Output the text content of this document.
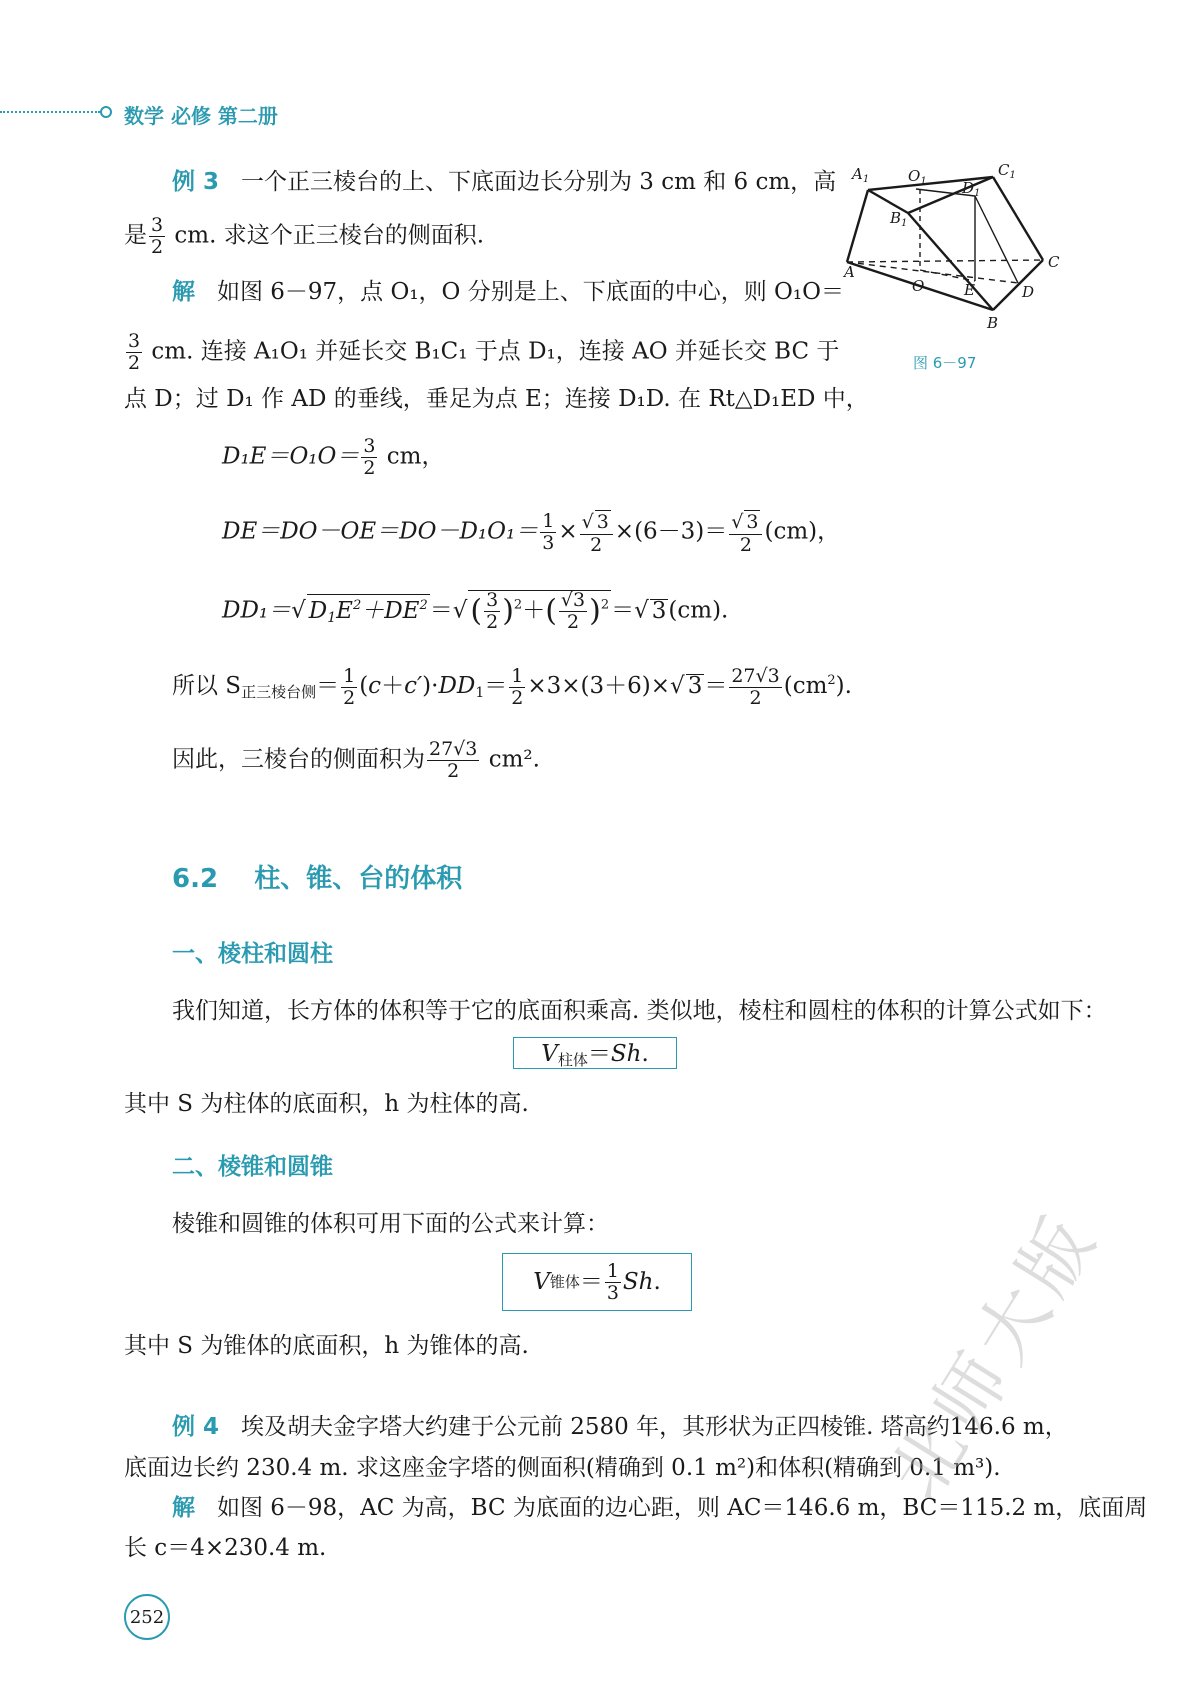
数学 必修 第二册
例 3 一个正三棱台的上、下底面边长分别为 3 cm 和 6 cm，高
是 $\frac{3}{2}$ cm. 求这个正三棱台的侧面积.
解 如图 6－97，点 O₁，O 分别是上、下底面的中心，则 O₁O＝
$\frac{3}{2}$ cm. 连接 A₁O₁ 并延长交 B₁C₁ 于点 D₁，连接 AO 并延长交 BC 于
点 D；过 D₁ 作 AD 的垂线，垂足为点 E；连接 D₁D. 在 Rt△D₁ED 中，
$D_1E=O_1O= \frac{3}{2}$ cm，
$DE=DO-OE=DO-D_1O_1= \frac{1}{3} \times \frac{√ 3}{2} \times(6-3)= \frac{√ 3}{2} (cm)$，
DD₁＝√ $D_1E^2+DE^2=√$ ( $\frac{3}{2} )^2+( \frac{√3}{2} )^2=√$ 3(cm).
所以 S正三棱台侧＝ $\frac{1}{2} (c+c')\cdot DD_1= \frac{1}{2} \times 3\times(3+6)\times√$ $3= \frac{27√3}{2} (cm^2)$.
因此，三棱台的侧面积为 $\frac{27√3}{2} cm^2$.
$A_1$	$O_1$
$C_1$
$D_1$
$B_1$
A
C
O	E	D
B
图 6－97
6.2 柱、锥、台的体积
一、棱柱和圆柱
我们知道，长方体的体积等于它的底面积乘高. 类似地，棱柱和圆柱的体积的计算公式如下：
V柱体＝Sh.
其中 S 为柱体的底面积，h 为柱体的高.
二、棱锥和圆锥
棱锥和圆锥的体积可用下面的公式来计算：
V 锥体 ＝ $\frac{1}{3}$ Sh .
其中 S 为锥体的底面积，h 为锥体的高.
例 4 埃及胡夫金字塔大约建于公元前 2580 年，其形状为正四棱锥. 塔高约146.6 m，
底面边长约 230.4 m. 求这座金字塔的侧面积(精确到 0.1 m²)和体积(精确到 0.1 m³).
解 如图 6－98，AC 为高，BC 为底面的边心距，则 AC＝146.6 m，BC＝115.2 m，底面周
长 c＝4×230.4 m.
252
北师大版
